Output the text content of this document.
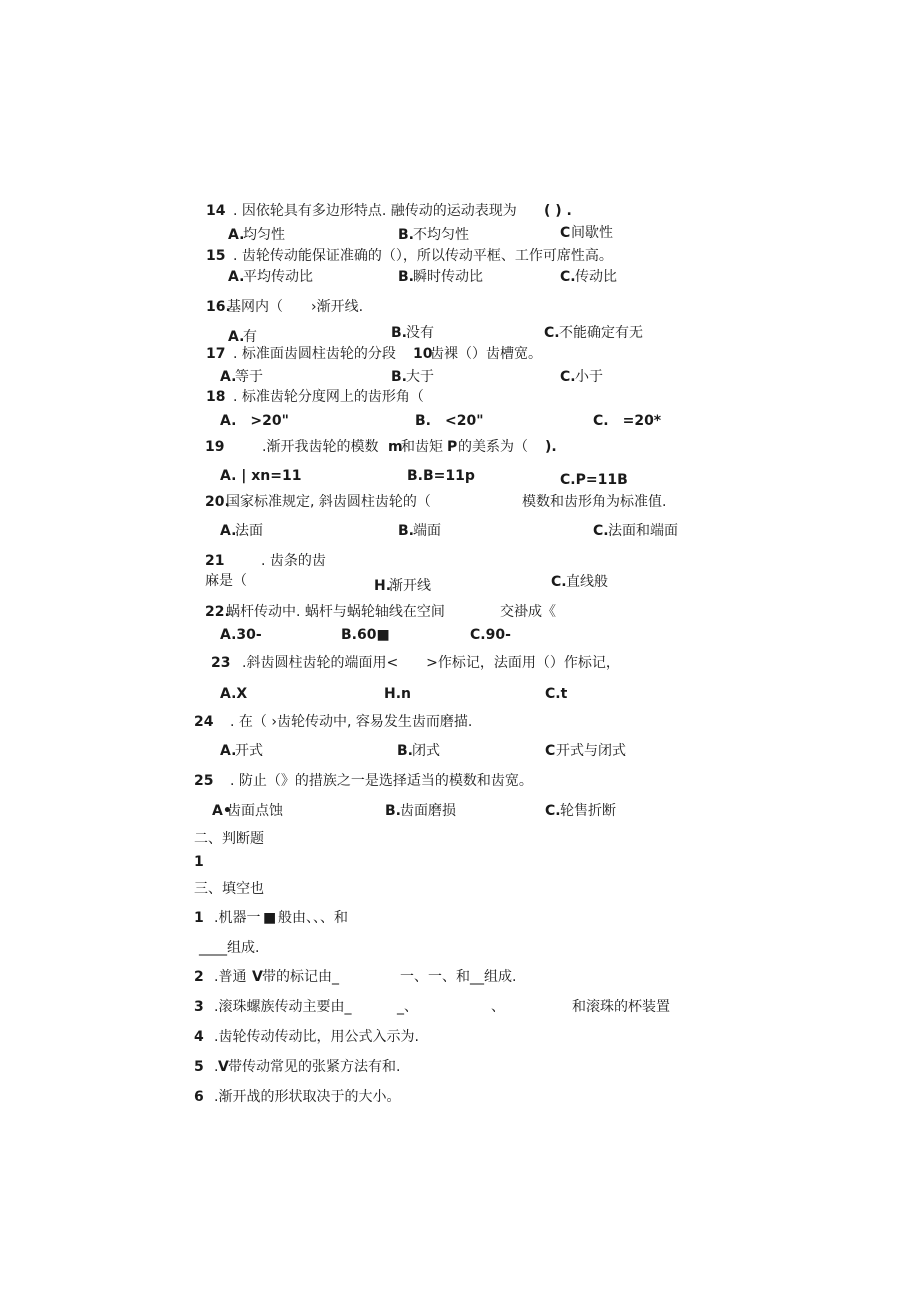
14 . 因依轮具有多边形特点. 融传动的运动表现为 ( ) .
A.
均匀性	B. 不均匀性	C 间歇性
15 . 齿轮传动能保证准确的（），所以传动平框、工作可席性高。
A.
平均传动比	B. 瞬时传动比	C. 传动比
16.
基网内（　　›渐开线.
A.
有	B. 没有	C. 不能确定有无
17 . 标准面齿圆柱齿轮的分段 10
齿裸（）齿槽宽。
A.
等于	B. 大于	C. 小于
18 . 标准齿轮分度网上的齿形角（
A.　>20"	B.　<20"	C.　=20*
19	.渐开我齿轮的模数 m
和齿矩 P 的美系为（ ).
A. | xn=11	B.B=11p	C.P=11B
20.
国家标准规定, 斜齿圆柱齿轮的（	模数和齿形角为标准值.
A.
法面	B. 端面	C. 法面和端面
21	. 齿条的齿
麻是（	H.
渐开线	C. 直线般
22.
蜗杆传动中. 蜗杆与蜗轮轴线在空间	交褂成《
A.30-	B.60■	C.90-
23 .斜齿圆柱齿轮的端面用<　　>作标记，法面用（）作标记，
A.X	H.n	C.t
24 . 在（ ›齿轮传动中, 容易发生齿而磨描.
A.
开式	B. 闭式	C 开式与闭式
25 . 防止（》的措族之一是选择适当的模数和齿宽。
A•
齿面点蚀	B. 齿面磨损	C. 轮售折断
二、判断题
1
三、填空也
1 .机器一 ■ 般由、、、和
____组成.
2 .普通 V 带的标记由_	一、一、和__组成.
3 .滚珠螺族传动主要由_	_、	、	和滚珠的杯装置
4 .齿轮传动传动比，用公式入示为.
5 . V 带传动常见的张紧方法有和.
6 .渐开战的形状取决于的大小。
